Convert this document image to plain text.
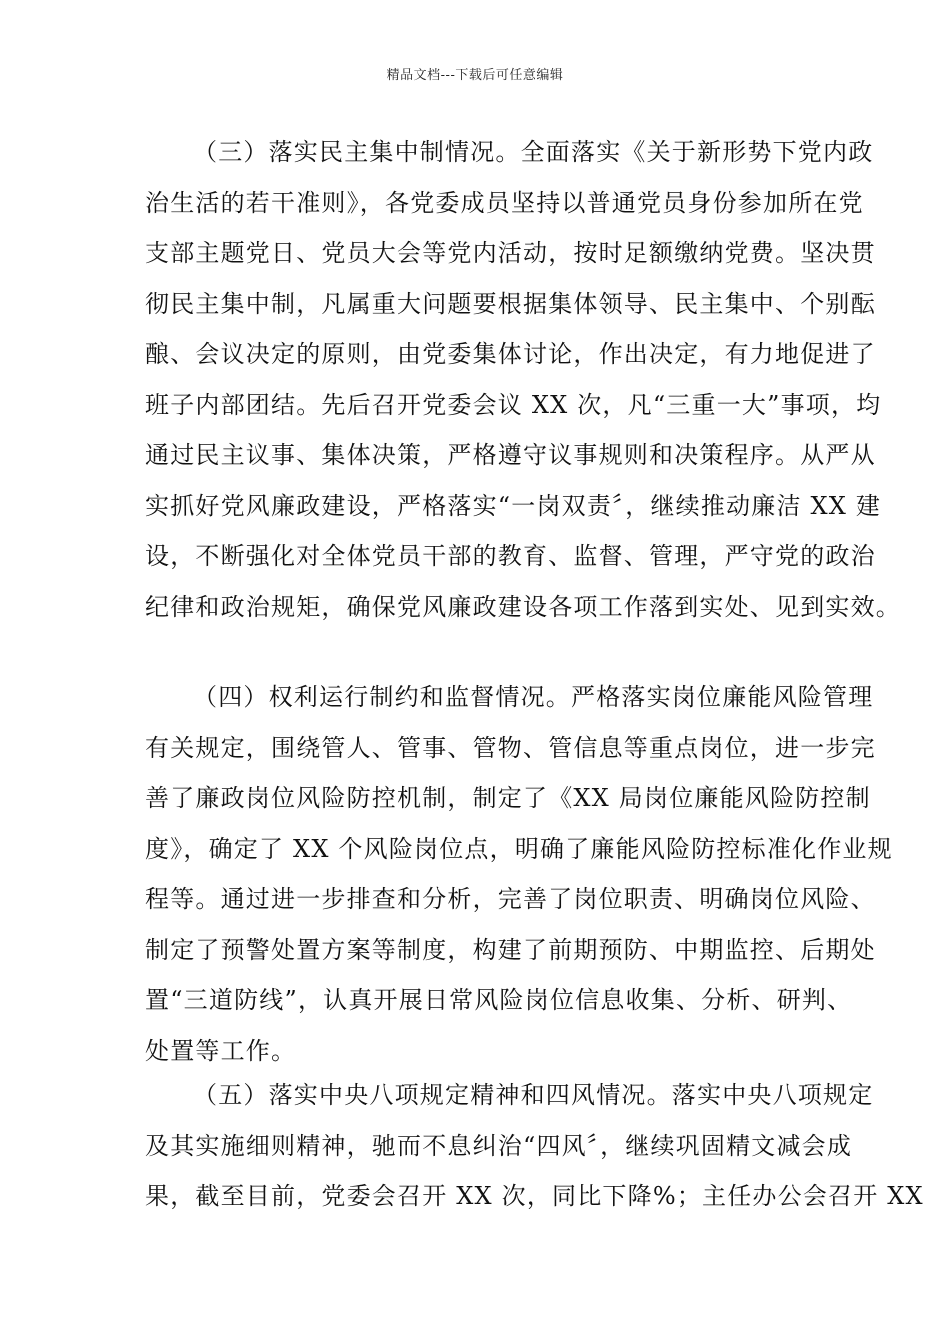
精品文档---下载后可任意编辑
（三）落实民主集中制情况。全面落实《关于新形势下党内政
治生活的若干准则》，各党委成员坚持以普通党员身份参加所在党
支部主题党日、党员大会等党内活动，按时足额缴纳党费。坚决贯
彻民主集中制，凡属重大问题要根据集体领导、民主集中、个别酝
酿、会议决定的原则，由党委集体讨论，作出决定，有力地促进了
班子内部团结。先后召开党委会议 XX 次，凡“三重一大”事项，均
通过民主议事、集体决策，严格遵守议事规则和决策程序。从严从
实抓好党风廉政建设，严格落实“一岗双责〞，继续推动廉洁 XX 建
设，不断强化对全体党员干部的教育、监督、管理，严守党的政治
纪律和政治规矩，确保党风廉政建设各项工作落到实处、见到实效。
（四）权利运行制约和监督情况。严格落实岗位廉能风险管理
有关规定，围绕管人、管事、管物、管信息等重点岗位，进一步完
善了廉政岗位风险防控机制，制定了《XX 局岗位廉能风险防控制
度》，确定了 XX 个风险岗位点，明确了廉能风险防控标准化作业规
程等。通过进一步排查和分析，完善了岗位职责、明确岗位风险、
制定了预警处置方案等制度，构建了前期预防、中期监控、后期处
置“三道防线”，认真开展日常风险岗位信息收集、分析、研判、
处置等工作。
（五）落实中央八项规定精神和四风情况。落实中央八项规定
及其实施细则精神，驰而不息纠治“四风〞，继续巩固精文减会成
果，截至目前，党委会召开 XX 次，同比下降%；主任办公会召开 XX
